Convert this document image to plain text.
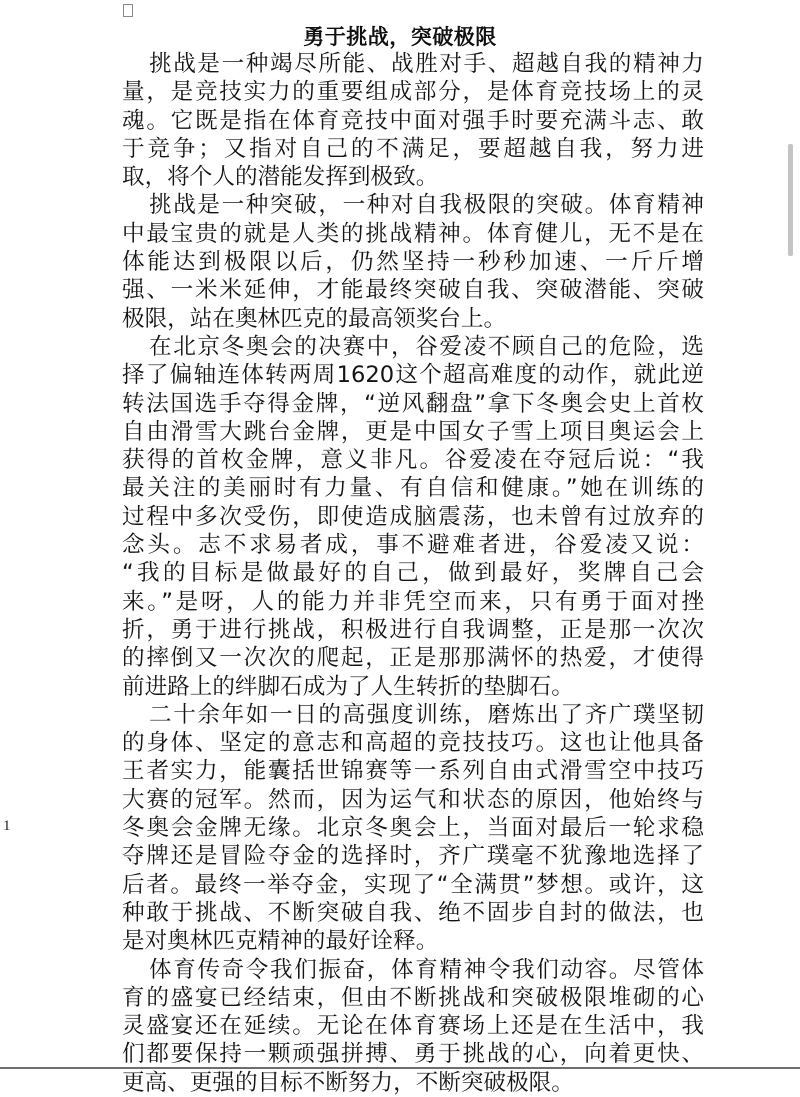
勇于挑战，突破极限
挑战是一种竭尽所能、战胜对手、超越自我的精神力
量，是竞技实力的重要组成部分，是体育竞技场上的灵
魂。它既是指在体育竞技中面对强手时要充满斗志、敢
于竞争；又指对自己的不满足，要超越自我，努力进
取，将个人的潜能发挥到极致。
挑战是一种突破，一种对自我极限的突破。体育精神
中最宝贵的就是人类的挑战精神。体育健儿，无不是在
体能达到极限以后，仍然坚持一秒秒加速、一斤斤增
强、一米米延伸，才能最终突破自我、突破潜能、突破
极限，站在奥林匹克的最高领奖台上。
在北京冬奥会的决赛中，谷爱凌不顾自己的危险，选
择了偏轴连体转两周1620这个超高难度的动作，就此逆
转法国选手夺得金牌，“逆风翻盘”拿下冬奥会史上首枚
自由滑雪大跳台金牌，更是中国女子雪上项目奥运会上
获得的首枚金牌，意义非凡。谷爱凌在夺冠后说：“我
最关注的美丽时有力量、有自信和健康。”她在训练的
过程中多次受伤，即使造成脑震荡，也未曾有过放弃的
念头。志不求易者成，事不避难者进，谷爱凌又说：
“我的目标是做最好的自己，做到最好，奖牌自己会
来。”是呀，人的能力并非凭空而来，只有勇于面对挫
折，勇于进行挑战，积极进行自我调整，正是那一次次
的摔倒又一次次的爬起，正是那那满怀的热爱，才使得
前进路上的绊脚石成为了人生转折的垫脚石。
二十余年如一日的高强度训练，磨炼出了齐广璞坚韧
的身体、坚定的意志和高超的竞技技巧。这也让他具备
王者实力，能囊括世锦赛等一系列自由式滑雪空中技巧
大赛的冠军。然而，因为运气和状态的原因，他始终与
冬奥会金牌无缘。北京冬奥会上，当面对最后一轮求稳
夺牌还是冒险夺金的选择时，齐广璞毫不犹豫地选择了
后者。最终一举夺金，实现了“全满贯”梦想。或许，这
种敢于挑战、不断突破自我、绝不固步自封的做法，也
是对奥林匹克精神的最好诠释。
体育传奇令我们振奋，体育精神令我们动容。尽管体
育的盛宴已经结束，但由不断挑战和突破极限堆砌的心
灵盛宴还在延续。无论在体育赛场上还是在生活中，我
们都要保持一颗顽强拼搏、勇于挑战的心，向着更快、
更高、更强的目标不断努力，不断突破极限。
1
